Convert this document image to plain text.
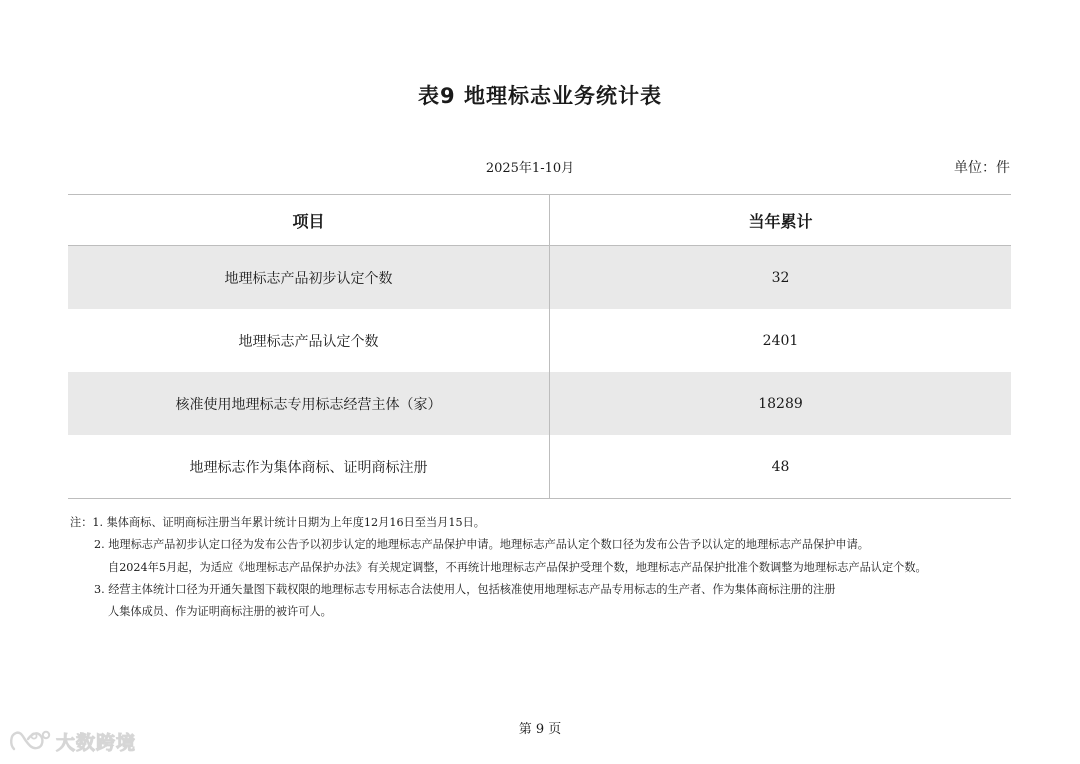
表9 地理标志业务统计表
2025年1-10月	单位：件
项目	当年累计
地理标志产品初步认定个数	32
地理标志产品认定个数	2401
核准使用地理标志专用标志经营主体（家）	18289
地理标志作为集体商标、证明商标注册	48
注：1. 集体商标、证明商标注册当年累计统计日期为上年度12月16日至当月15日。
2. 地理标志产品初步认定口径为发布公告予以初步认定的地理标志产品保护申请。地理标志产品认定个数口径为发布公告予以认定的地理标志产品保护申请。
自2024年5月起，为适应《地理标志产品保护办法》有关规定调整，不再统计地理标志产品保护受理个数，地理标志产品保护批准个数调整为地理标志产品认定个数。
3. 经营主体统计口径为开通矢量图下载权限的地理标志专用标志合法使用人，包括核准使用地理标志产品专用标志的生产者、作为集体商标注册的注册
人集体成员、作为证明商标注册的被许可人。
第 9 页
大数跨境
